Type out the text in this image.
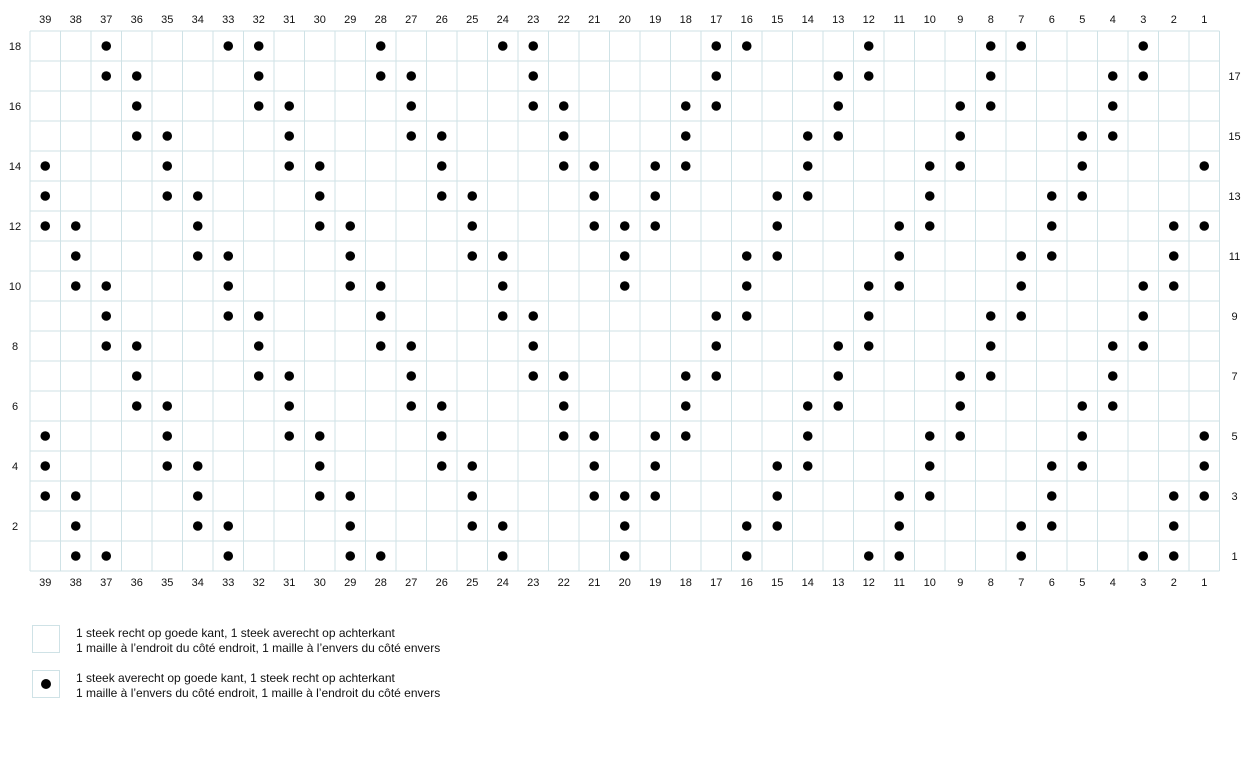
39
39
38
38
37
37
36
36
35
35
34
34
33
33
32
32
31
31
30
30
29
29
28
28
27
27
26
26
25
25
24
24
23
23
22
22
21
21
20
20
19
19
18
18
17
17
16
16
15
15
14
14
13
13
12
12
11
11
10
10
9
9
8
8
7
7
6
6
5
5
4
4
3
3
2
2
1
1
18
17
16
15
14
13
12
11
10
9
8
7
6
5
4
3
2
1
1 steek recht op goede kant, 1 steek averecht op achterkant
1 maille à l’endroit du côté endroit, 1 maille à l’envers du côté envers
1 steek averecht op goede kant, 1 steek recht op achterkant
1 maille à l’envers du côté endroit, 1 maille à l’endroit du côté envers
